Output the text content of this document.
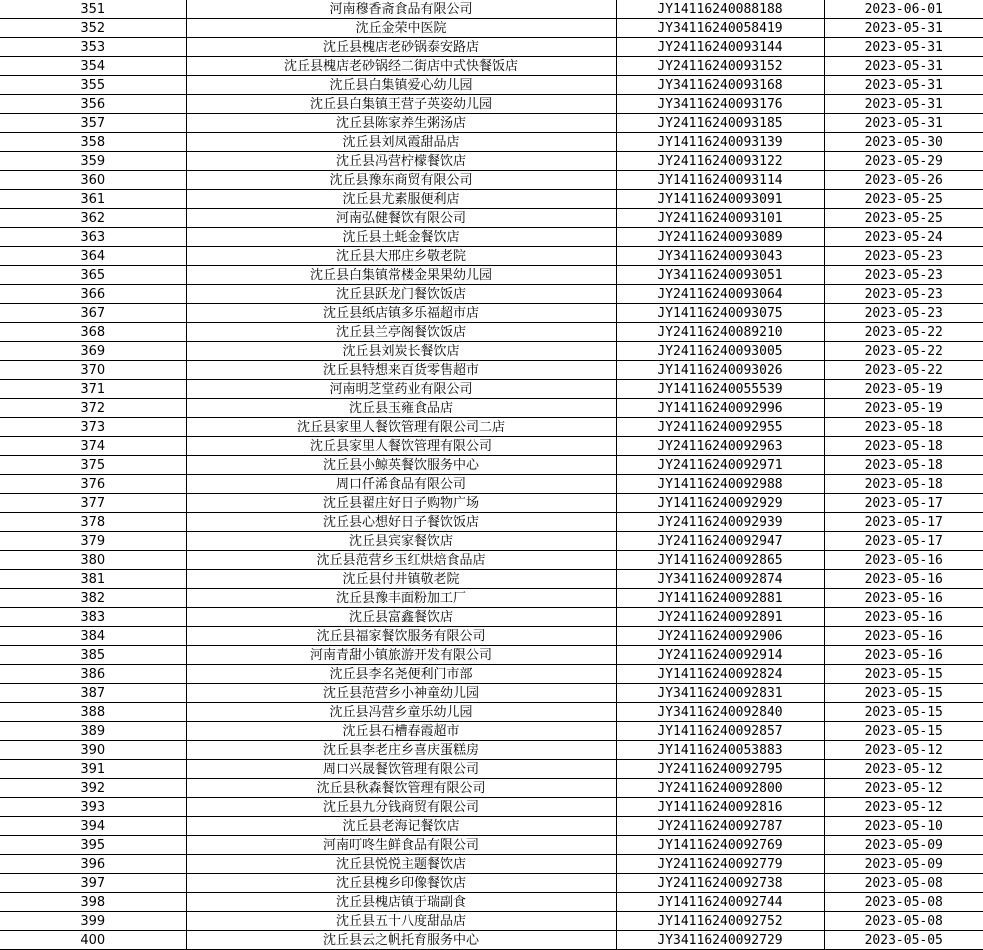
351	河南穆香斋食品有限公司	JY14116240088188	2023-06-01
352	沈丘金荣中医院	JY34116240058419	2023-05-31
353	沈丘县槐店老砂锅泰安路店	JY24116240093144	2023-05-31
354	沈丘县槐店老砂锅经二街店中式快餐饭店	JY24116240093152	2023-05-31
355	沈丘县白集镇爱心幼儿园	JY34116240093168	2023-05-31
356	沈丘县白集镇王营子英姿幼儿园	JY34116240093176	2023-05-31
357	沈丘县陈家养生粥汤店	JY24116240093185	2023-05-31
358	沈丘县刘凤霞甜品店	JY14116240093139	2023-05-30
359	沈丘县冯营柠檬餐饮店	JY24116240093122	2023-05-29
360	沈丘县豫东商贸有限公司	JY14116240093114	2023-05-26
361	沈丘县尤素服便利店	JY14116240093091	2023-05-25
362	河南弘健餐饮有限公司	JY24116240093101	2023-05-25
363	沈丘县土蚝金餐饮店	JY24116240093089	2023-05-24
364	沈丘县大邢庄乡敬老院	JY34116240093043	2023-05-23
365	沈丘县白集镇常楼金果果幼儿园	JY34116240093051	2023-05-23
366	沈丘县跃龙门餐饮饭店	JY24116240093064	2023-05-23
367	沈丘县纸店镇多乐福超市店	JY14116240093075	2023-05-23
368	沈丘县兰亭阁餐饮饭店	JY24116240089210	2023-05-22
369	沈丘县刘炭长餐饮店	JY24116240093005	2023-05-22
370	沈丘县特想来百货零售超市	JY14116240093026	2023-05-22
371	河南明芝堂药业有限公司	JY14116240055539	2023-05-19
372	沈丘县玉雍食品店	JY14116240092996	2023-05-19
373	沈丘县家里人餐饮管理有限公司二店	JY24116240092955	2023-05-18
374	沈丘县家里人餐饮管理有限公司	JY24116240092963	2023-05-18
375	沈丘县小鲸英餐饮服务中心	JY24116240092971	2023-05-18
376	周口仟浠食品有限公司	JY14116240092988	2023-05-18
377	沈丘县翟庄好日子购物广场	JY14116240092929	2023-05-17
378	沈丘县心想好日子餐饮饭店	JY24116240092939	2023-05-17
379	沈丘县宾家餐饮店	JY24116240092947	2023-05-17
380	沈丘县范营乡玉红烘焙食品店	JY14116240092865	2023-05-16
381	沈丘县付井镇敬老院	JY34116240092874	2023-05-16
382	沈丘县豫丰面粉加工厂	JY14116240092881	2023-05-16
383	沈丘县富鑫餐饮店	JY24116240092891	2023-05-16
384	沈丘县福家餐饮服务有限公司	JY24116240092906	2023-05-16
385	河南青甜小镇旅游开发有限公司	JY24116240092914	2023-05-16
386	沈丘县李名尧便利门市部	JY14116240092824	2023-05-15
387	沈丘县范营乡小神童幼儿园	JY34116240092831	2023-05-15
388	沈丘县冯营乡童乐幼儿园	JY34116240092840	2023-05-15
389	沈丘县石槽春霞超市	JY14116240092857	2023-05-15
390	沈丘县李老庄乡喜庆蛋糕房	JY14116240053883	2023-05-12
391	周口兴晟餐饮管理有限公司	JY24116240092795	2023-05-12
392	沈丘县秋森餐饮管理有限公司	JY24116240092800	2023-05-12
393	沈丘县九分钱商贸有限公司	JY14116240092816	2023-05-12
394	沈丘县老海记餐饮店	JY24116240092787	2023-05-10
395	河南叮咚生鲜食品有限公司	JY14116240092769	2023-05-09
396	沈丘县悦悦主题餐饮店	JY24116240092779	2023-05-09
397	沈丘县槐乡印像餐饮店	JY24116240092738	2023-05-08
398	沈丘县槐店镇于瑞副食	JY14116240092744	2023-05-08
399	沈丘县五十八度甜品店	JY14116240092752	2023-05-08
400	沈丘县云之帆托育服务中心	JY34116240092729	2023-05-05
